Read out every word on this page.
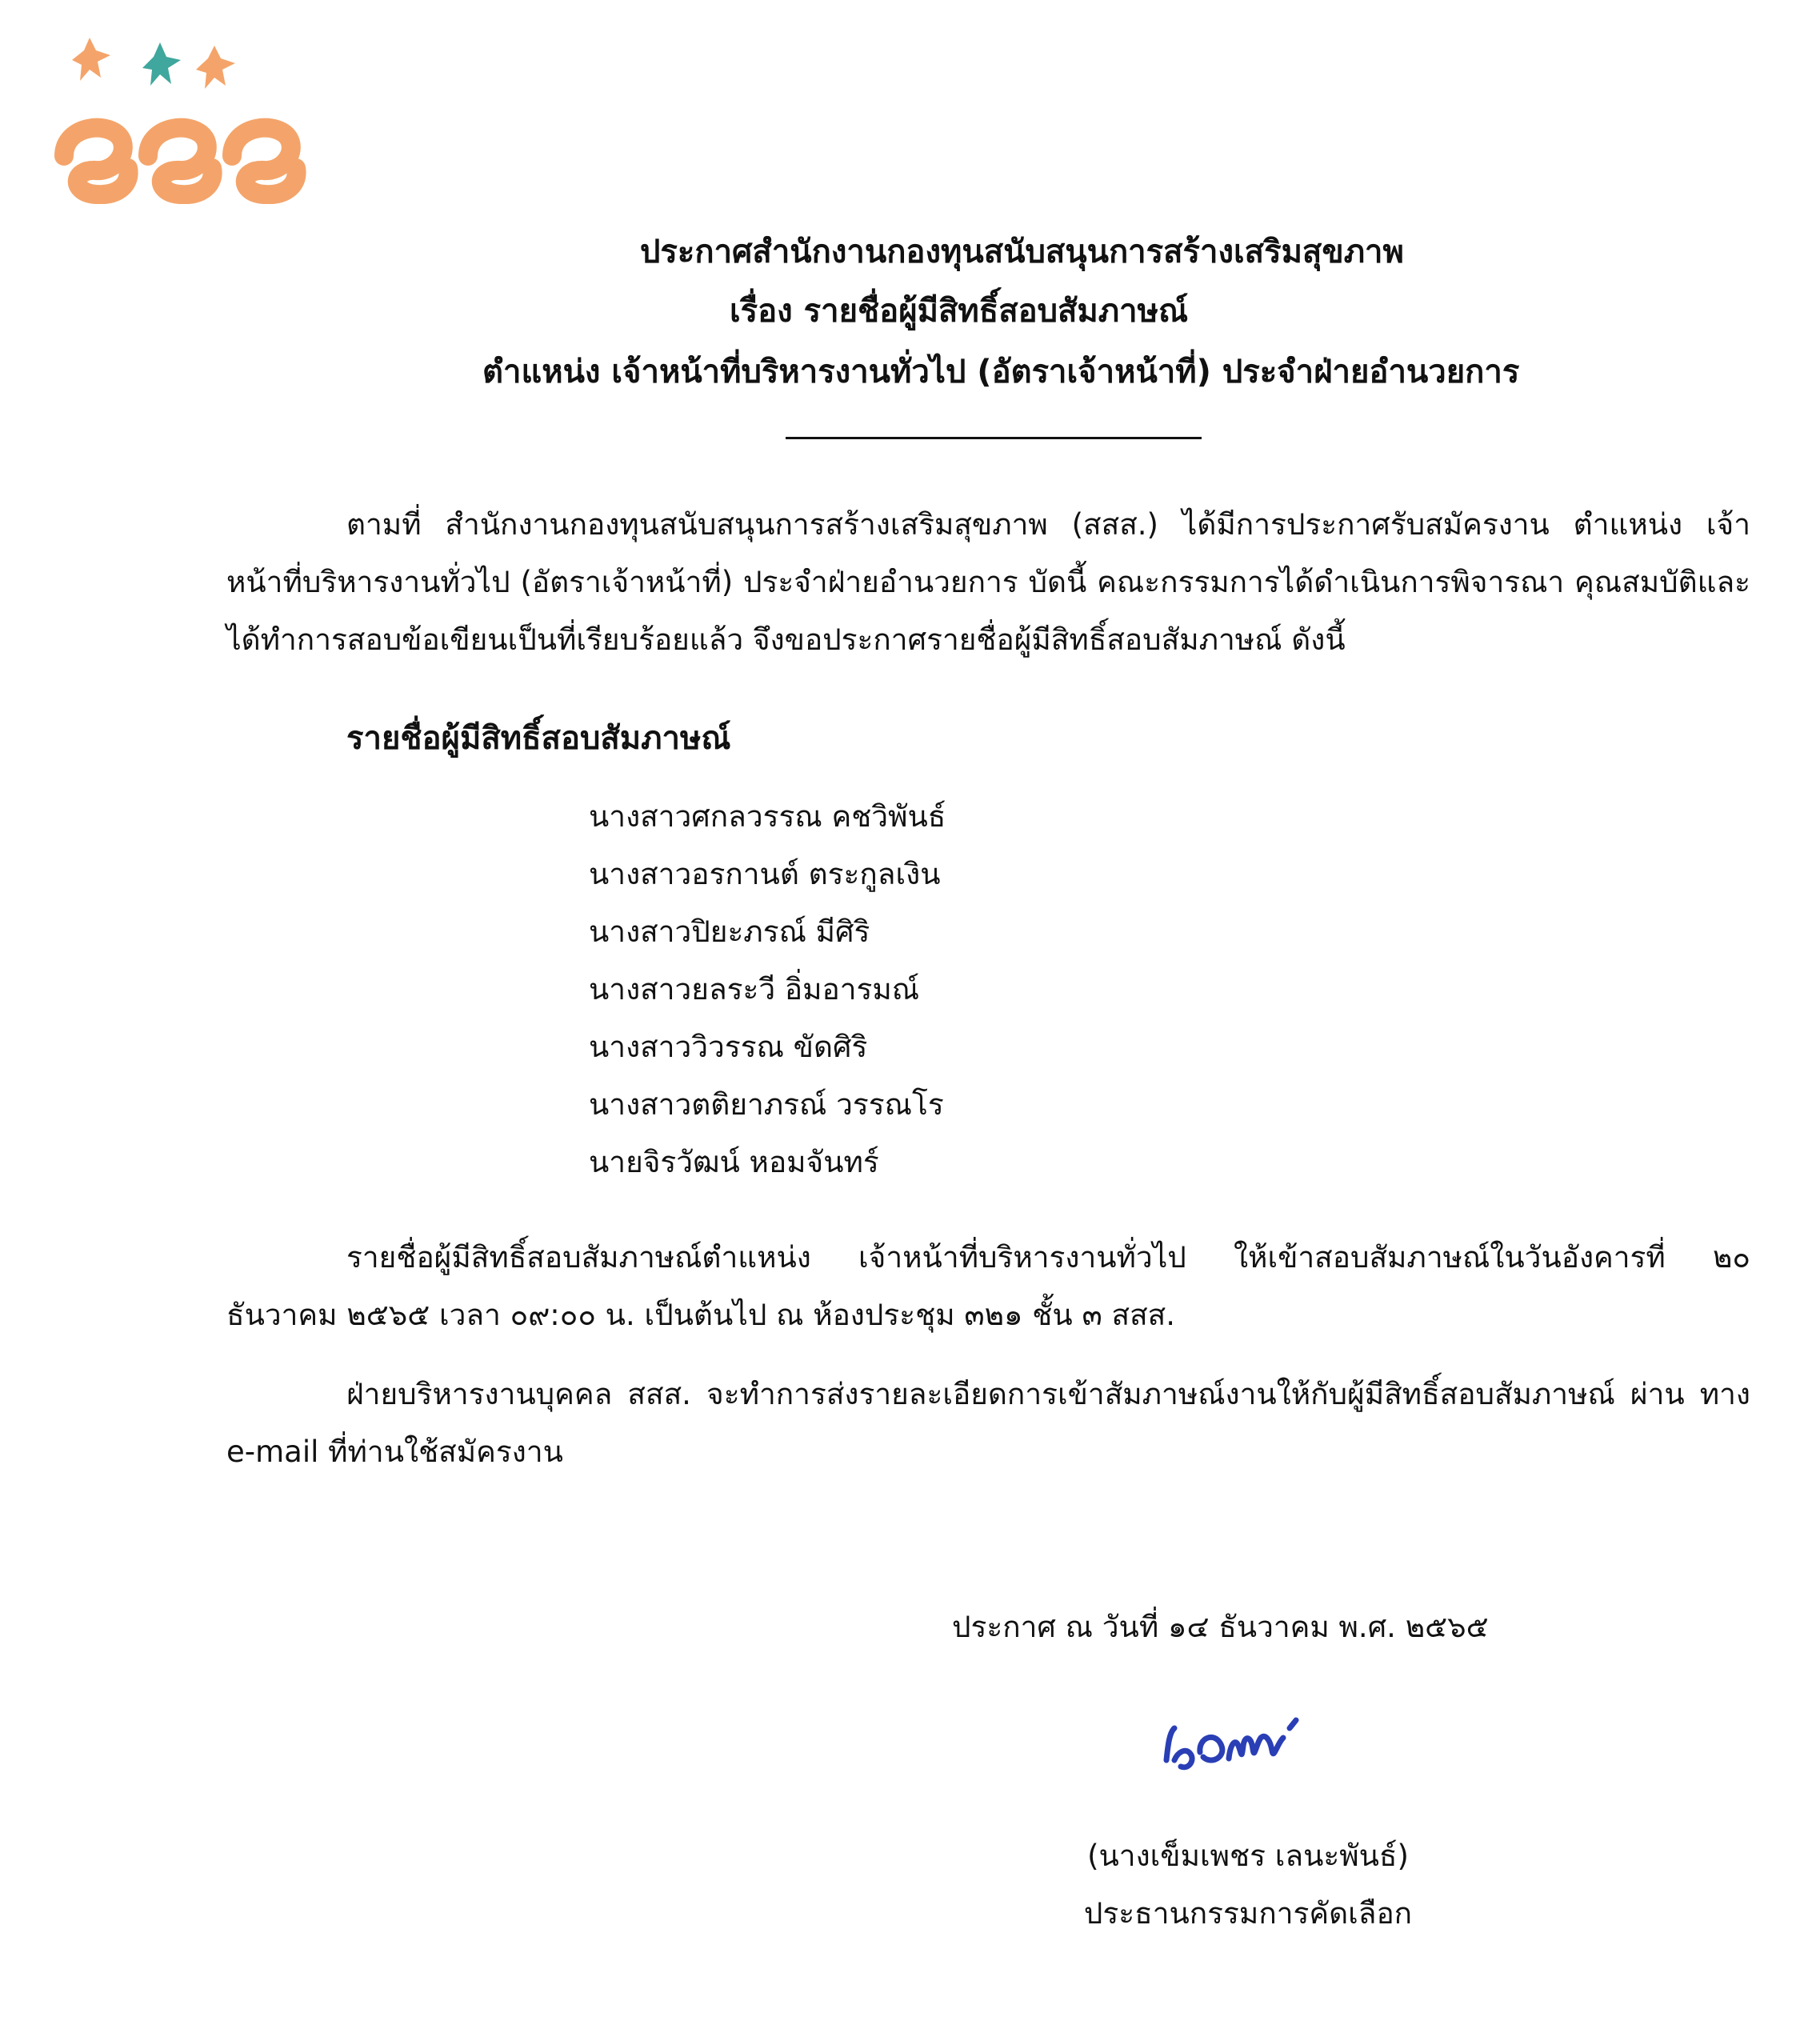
ประกาศสำนักงานกองทุนสนับสนุนการสร้างเสริมสุขภาพ
เรื่อง รายชื่อผู้มีสิทธิ์สอบสัมภาษณ์
ตำแหน่ง เจ้าหน้าที่บริหารงานทั่วไป (อัตราเจ้าหน้าที่) ประจำฝ่ายอำนวยการ

ตามที่ สำนักงานกองทุนสนับสนุนการสร้างเสริมสุขภาพ (สสส.) ได้มีการประกาศรับสมัครงาน ตำแหน่ง เจ้าหน้าที่บริหารงานทั่วไป (อัตราเจ้าหน้าที่) ประจำฝ่ายอำนวยการ บัดนี้ คณะกรรมการได้ดำเนินการพิจารณา คุณสมบัติและได้ทำการสอบข้อเขียนเป็นที่เรียบร้อยแล้ว จึงขอประกาศรายชื่อผู้มีสิทธิ์สอบสัมภาษณ์ ดังนี้

รายชื่อผู้มีสิทธิ์สอบสัมภาษณ์
นางสาวศกลวรรณ คชวิพันธ์
นางสาวอรกานต์ ตระกูลเงิน
นางสาวปิยะภรณ์ มีศิริ
นางสาวยลระวี อิ่มอารมณ์
นางสาววิวรรณ ขัดศิริ
นางสาวตติยาภรณ์ วรรณโร
นายจิรวัฒน์ หอมจันทร์

รายชื่อผู้มีสิทธิ์สอบสัมภาษณ์ตำแหน่ง เจ้าหน้าที่บริหารงานทั่วไป ให้เข้าสอบสัมภาษณ์ในวันอังคารที่ ๒๐ ธันวาคม ๒๕๖๕ เวลา ๐๙:๐๐ น. เป็นต้นไป ณ ห้องประชุม ๓๒๑ ชั้น ๓ สสส.

ฝ่ายบริหารงานบุคคล สสส. จะทำการส่งรายละเอียดการเข้าสัมภาษณ์งานให้กับผู้มีสิทธิ์สอบสัมภาษณ์ ผ่าน ทาง e-mail ที่ท่านใช้สมัครงาน

ประกาศ ณ วันที่ ๑๔ ธันวาคม พ.ศ. ๒๕๖๕
(นางเข็มเพชร เลนะพันธ์)
ประธานกรรมการคัดเลือก
